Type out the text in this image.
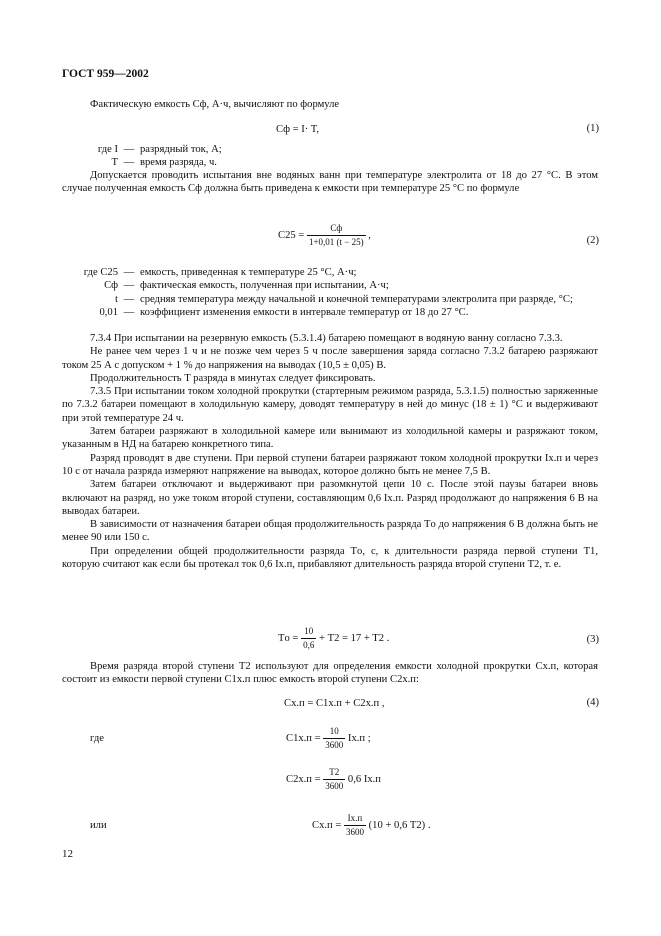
ГОСТ 959—2002

Фактическую емкость Cф, А·ч, вычисляют по формуле

Cф = I· T,	(1)
где I — разрядный ток, А;
T — время разряда, ч.

Допускается проводить испытания вне водяных ванн при температуре электролита от 18 до 27 °С. В этом случае полученная емкость Cф должна быть приведена к емкости при температуре 25 °С по формуле

$C25 = \frac{Cф}{1+0,01 (t - 25)}$ ,	(2)
где C25 — емкость, приведенная к температуре 25 °С, А·ч;
Cф — фактическая емкость, полученная при испытании, А·ч;
t — средняя температура между начальной и конечной температурами электролита при разряде, °С;
0,01 — коэффициент изменения емкости в интервале температур от 18 до 27 °С.

7.3.4 При испытании на резервную емкость (5.3.1.4) батарею помещают в водяную ванну согласно 7.3.3.

Не ранее чем через 1 ч и не позже чем через 5 ч после завершения заряда согласно 7.3.2 батарею разряжают током 25 А с допуском + 1 % до напряжения на выводах (10,5 ± 0,05) В.

Продолжительность T разряда в минутах следует фиксировать.

7.3.5 При испытании током холодной прокрутки (стартерным режимом разряда, 5.3.1.5) полностью заряженные по 7.3.2 батареи помещают в холодильную камеру, доводят температуру в ней до минус (18 ± 1) °С и выдерживают при этой температуре 24 ч.

Затем батареи разряжают в холодильной камере или вынимают из холодильной камеры и разряжают током, указанным в НД на батарею конкретного типа.

Разряд проводят в две ступени. При первой ступени батареи разряжают током холодной прокрутки Iх.п и через 10 с от начала разряда измеряют напряжение на выводах, которое должно быть не менее 7,5 В.

Затем батареи отключают и выдерживают при разомкнутой цепи 10 с. После этой паузы батареи вновь включают на разряд, но уже током второй ступени, составляющим 0,6 Iх.п. Разряд продолжают до напряжения 6 В на выводах батареи.

В зависимости от назначения батареи общая продолжительность разряда Tо до напряжения 6 В должна быть не менее 90 или 150 с.

При определении общей продолжительности разряда Tо, с, к длительности разряда первой ступени T1, которую считают как если бы протекал ток 0,6 Iх.п, прибавляют длительность разряда второй ступени T2, т. е.

Tо = $\frac{10}{0,6} + T2 = 17 + T2$ .	(3)

Время разряда второй ступени T2 используют для определения емкости холодной прокрутки Cх.п, которая состоит из емкости первой ступени C1х.п плюс емкость второй ступени C2х.п:

Cх.п = C1х.п + C2х.п ,	(4)
где	$C1х.п = \frac{10}{3600} Iх.п$ ;
$C2х.п = \frac{T2}{3600} 0,6$ Iх.п
или	$Cх.п = \frac{Iх.п}{3600} (10 + 0,6$ T2) .
12
